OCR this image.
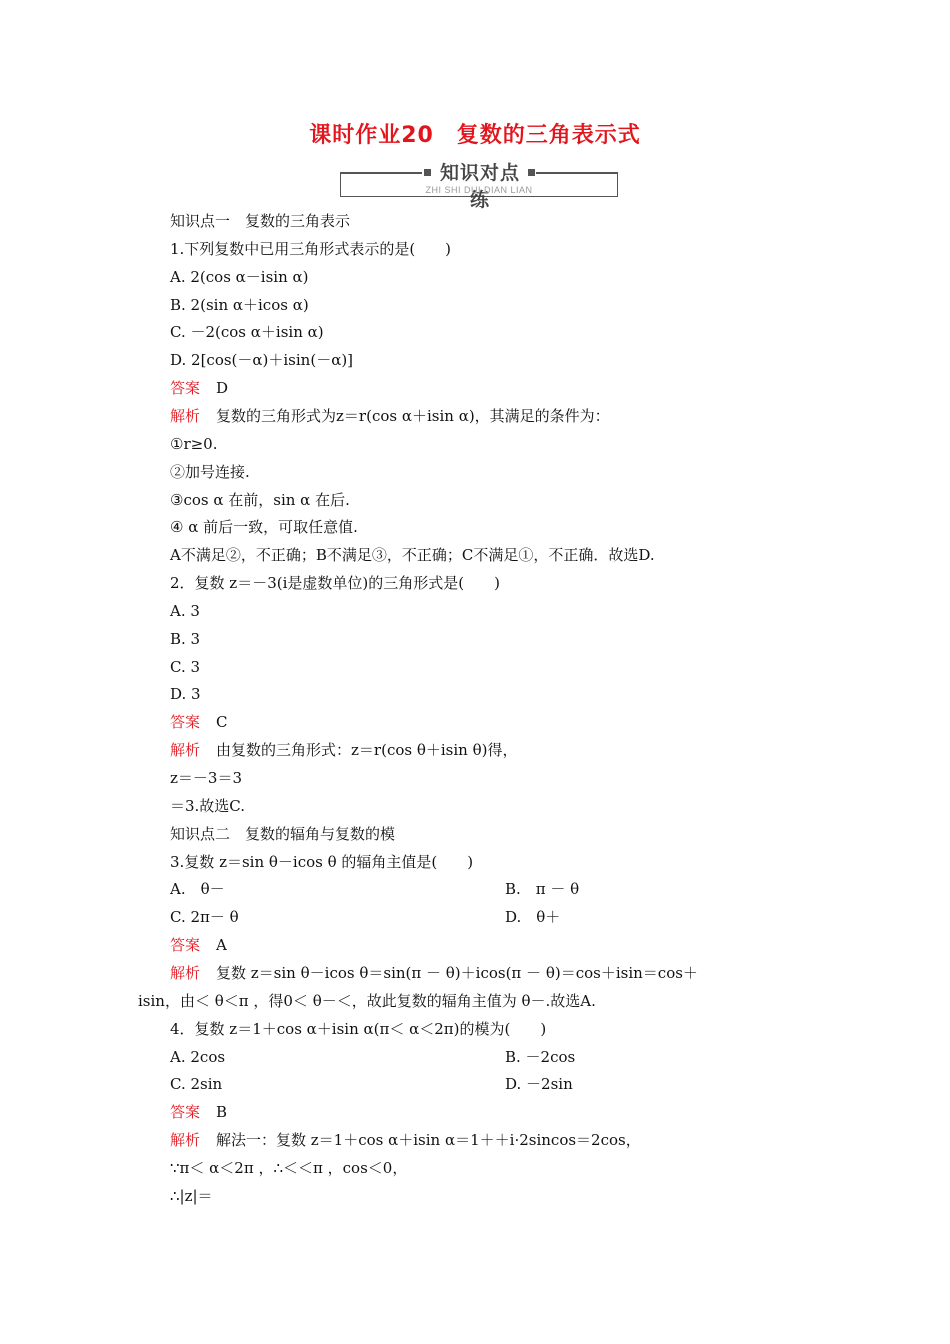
课时作业20　复数的三角表示式
知识对点练
ZHI SHI DUI DIAN LIAN
知识点一　复数的三角表示
1.下列复数中已用三角形式表示的是(　　)
A. 2(cos α－isin α)
B. 2(sin α＋icos α)
C. －2(cos α＋isin α)
D. 2[cos(－α)＋isin(－α)]
答案 D
解析 复数的三角形式为z＝r(cos α＋isin α)，其满足的条件为：
①r≥0.
②加号连接.
③cos α 在前，sin α 在后.
④ α 前后一致，可取任意值.
A不满足②，不正确；B不满足③，不正确；C不满足①，不正确．故选D.
2．复数 z＝－3(i是虚数单位)的三角形式是(　　)
A. 3
B. 3
C. 3
D. 3
答案 C
解析 由复数的三角形式：z＝r(cos θ＋isin θ)得，
z＝－3＝3
＝3.故选C.
知识点二　复数的辐角与复数的模
3.复数 z＝sin θ－icos θ 的辐角主值是(　　)
A.　θ－	B.　π － θ
C. 2π－ θ	D.　θ＋
答案 A
解析 复数 z＝sin θ－icos θ＝sin(π － θ)＋icos(π － θ)＝cos＋isin＝cos＋
isin，由＜ θ＜π ，得0＜ θ－＜，故此复数的辐角主值为 θ－.故选A.
4．复数 z＝1＋cos α＋isin α(π＜ α＜2π)的模为(　　)
A. 2cos	B. －2cos
C. 2sin	D. －2sin
答案 B
解析 解法一：复数 z＝1＋cos α＋isin α＝1＋＋i·2sincos＝2cos，
∵π＜ α＜2π ，∴＜＜π ，cos＜0，
∴|z|＝
